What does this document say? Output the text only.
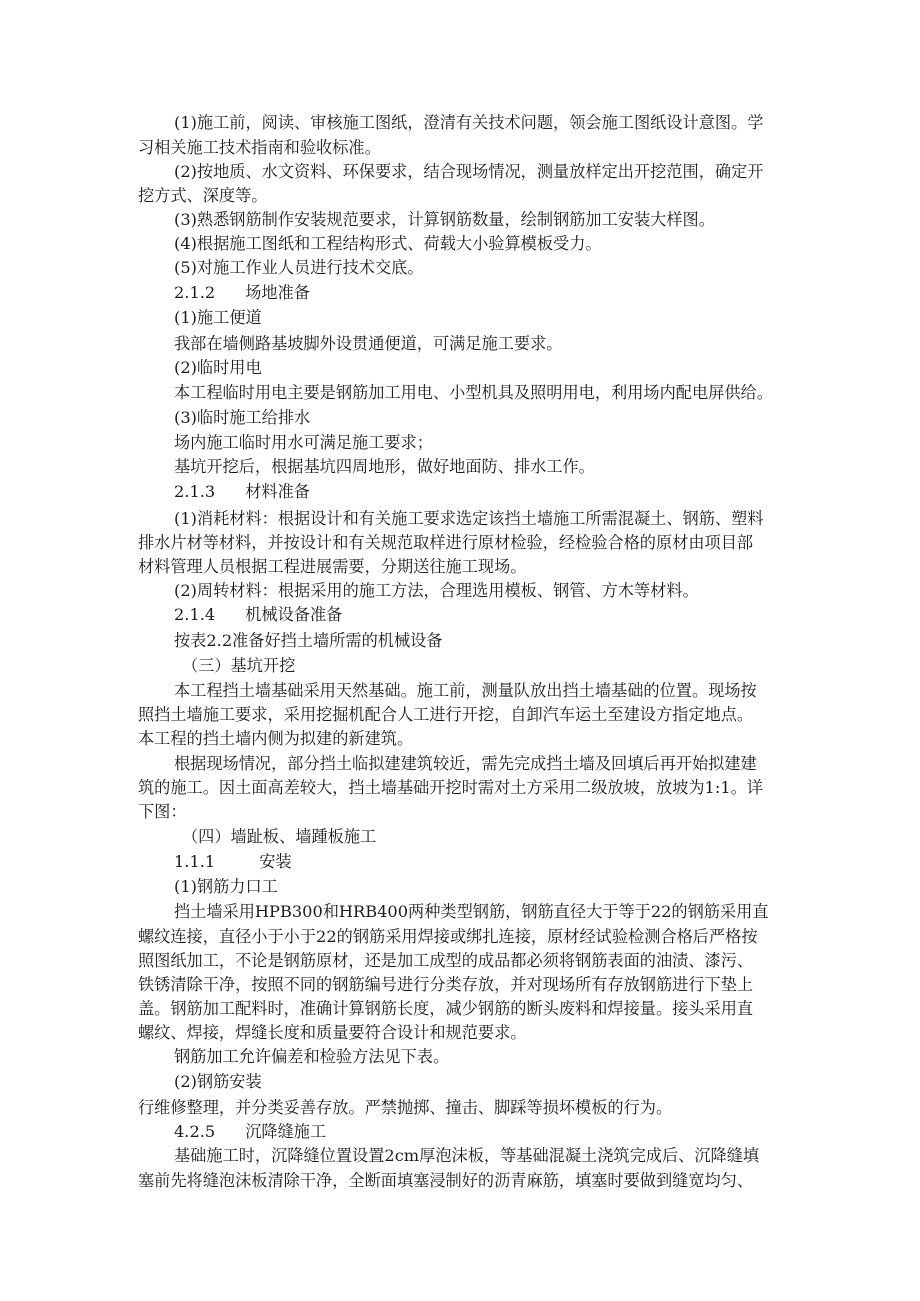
(1)施工前，阅读、审核施工图纸，澄清有关技术问题，领会施工图纸设计意图。学
习相关施工技术指南和验收标准。
(2)按地质、水文资料、环保要求，结合现场情况，测量放样定出开挖范围，确定开
挖方式、深度等。
(3)熟悉钢筋制作安装规范要求，计算钢筋数量，绘制钢筋加工安装大样图。
(4)根据施工图纸和工程结构形式、荷载大小验算模板受力。
(5)对施工作业人员进行技术交底。
2.1.2 场地准备
(1)施工便道
我部在墙侧路基坡脚外设贯通便道，可满足施工要求。
(2)临时用电
本工程临时用电主要是钢筋加工用电、小型机具及照明用电，利用场内配电屏供给。
(3)临时施工给排水
场内施工临时用水可满足施工要求；
基坑开挖后，根据基坑四周地形，做好地面防、排水工作。
2.1.3 材料准备
(1)消耗材料：根据设计和有关施工要求选定该挡土墙施工所需混凝土、钢筋、塑料
排水片材等材料，并按设计和有关规范取样进行原材检验，经检验合格的原材由项目部
材料管理人员根据工程进展需要，分期送往施工现场。
(2)周转材料：根据采用的施工方法，合理选用模板、钢管、方木等材料。
2.1.4 机械设备准备
按表2.2准备好挡土墙所需的机械设备
（三）基坑开挖
本工程挡土墙基础采用天然基础。施工前，测量队放出挡土墙基础的位置。现场按
照挡土墙施工要求，采用挖掘机配合人工进行开挖，自卸汽车运土至建设方指定地点。
本工程的挡土墙内侧为拟建的新建筑。
根据现场情况，部分挡土临拟建建筑较近，需先完成挡土墙及回填后再开始拟建建
筑的施工。因土面高差较大，挡土墙基础开挖时需对土方采用二级放坡，放坡为1:1。详
下图：
（四）墙趾板、墙踵板施工
1.1.1	安装
(1)钢筋力口工
挡土墙采用HPB300和HRB400两种类型钢筋，钢筋直径大于等于22的钢筋采用直
螺纹连接，直径小于小于22的钢筋采用焊接或绑扎连接，原材经试验检测合格后严格按
照图纸加工，不论是钢筋原材，还是加工成型的成品都必须将钢筋表面的油渍、漆污、
铁锈清除干净，按照不同的钢筋编号进行分类存放，并对现场所有存放钢筋进行下垫上
盖。钢筋加工配料时，准确计算钢筋长度，减少钢筋的断头废料和焊接量。接头采用直
螺纹、焊接，焊缝长度和质量要符合设计和规范要求。
钢筋加工允许偏差和检验方法见下表。
(2)钢筋安装
行维修整理，并分类妥善存放。严禁抛掷、撞击、脚踩等损坏模板的行为。
4.2.5 沉降缝施工
基础施工时，沉降缝位置设置2cm厚泡沫板，等基础混凝土浇筑完成后、沉降缝填
塞前先将缝泡沫板清除干净，全断面填塞浸制好的沥青麻筋，填塞时要做到缝宽均匀、
